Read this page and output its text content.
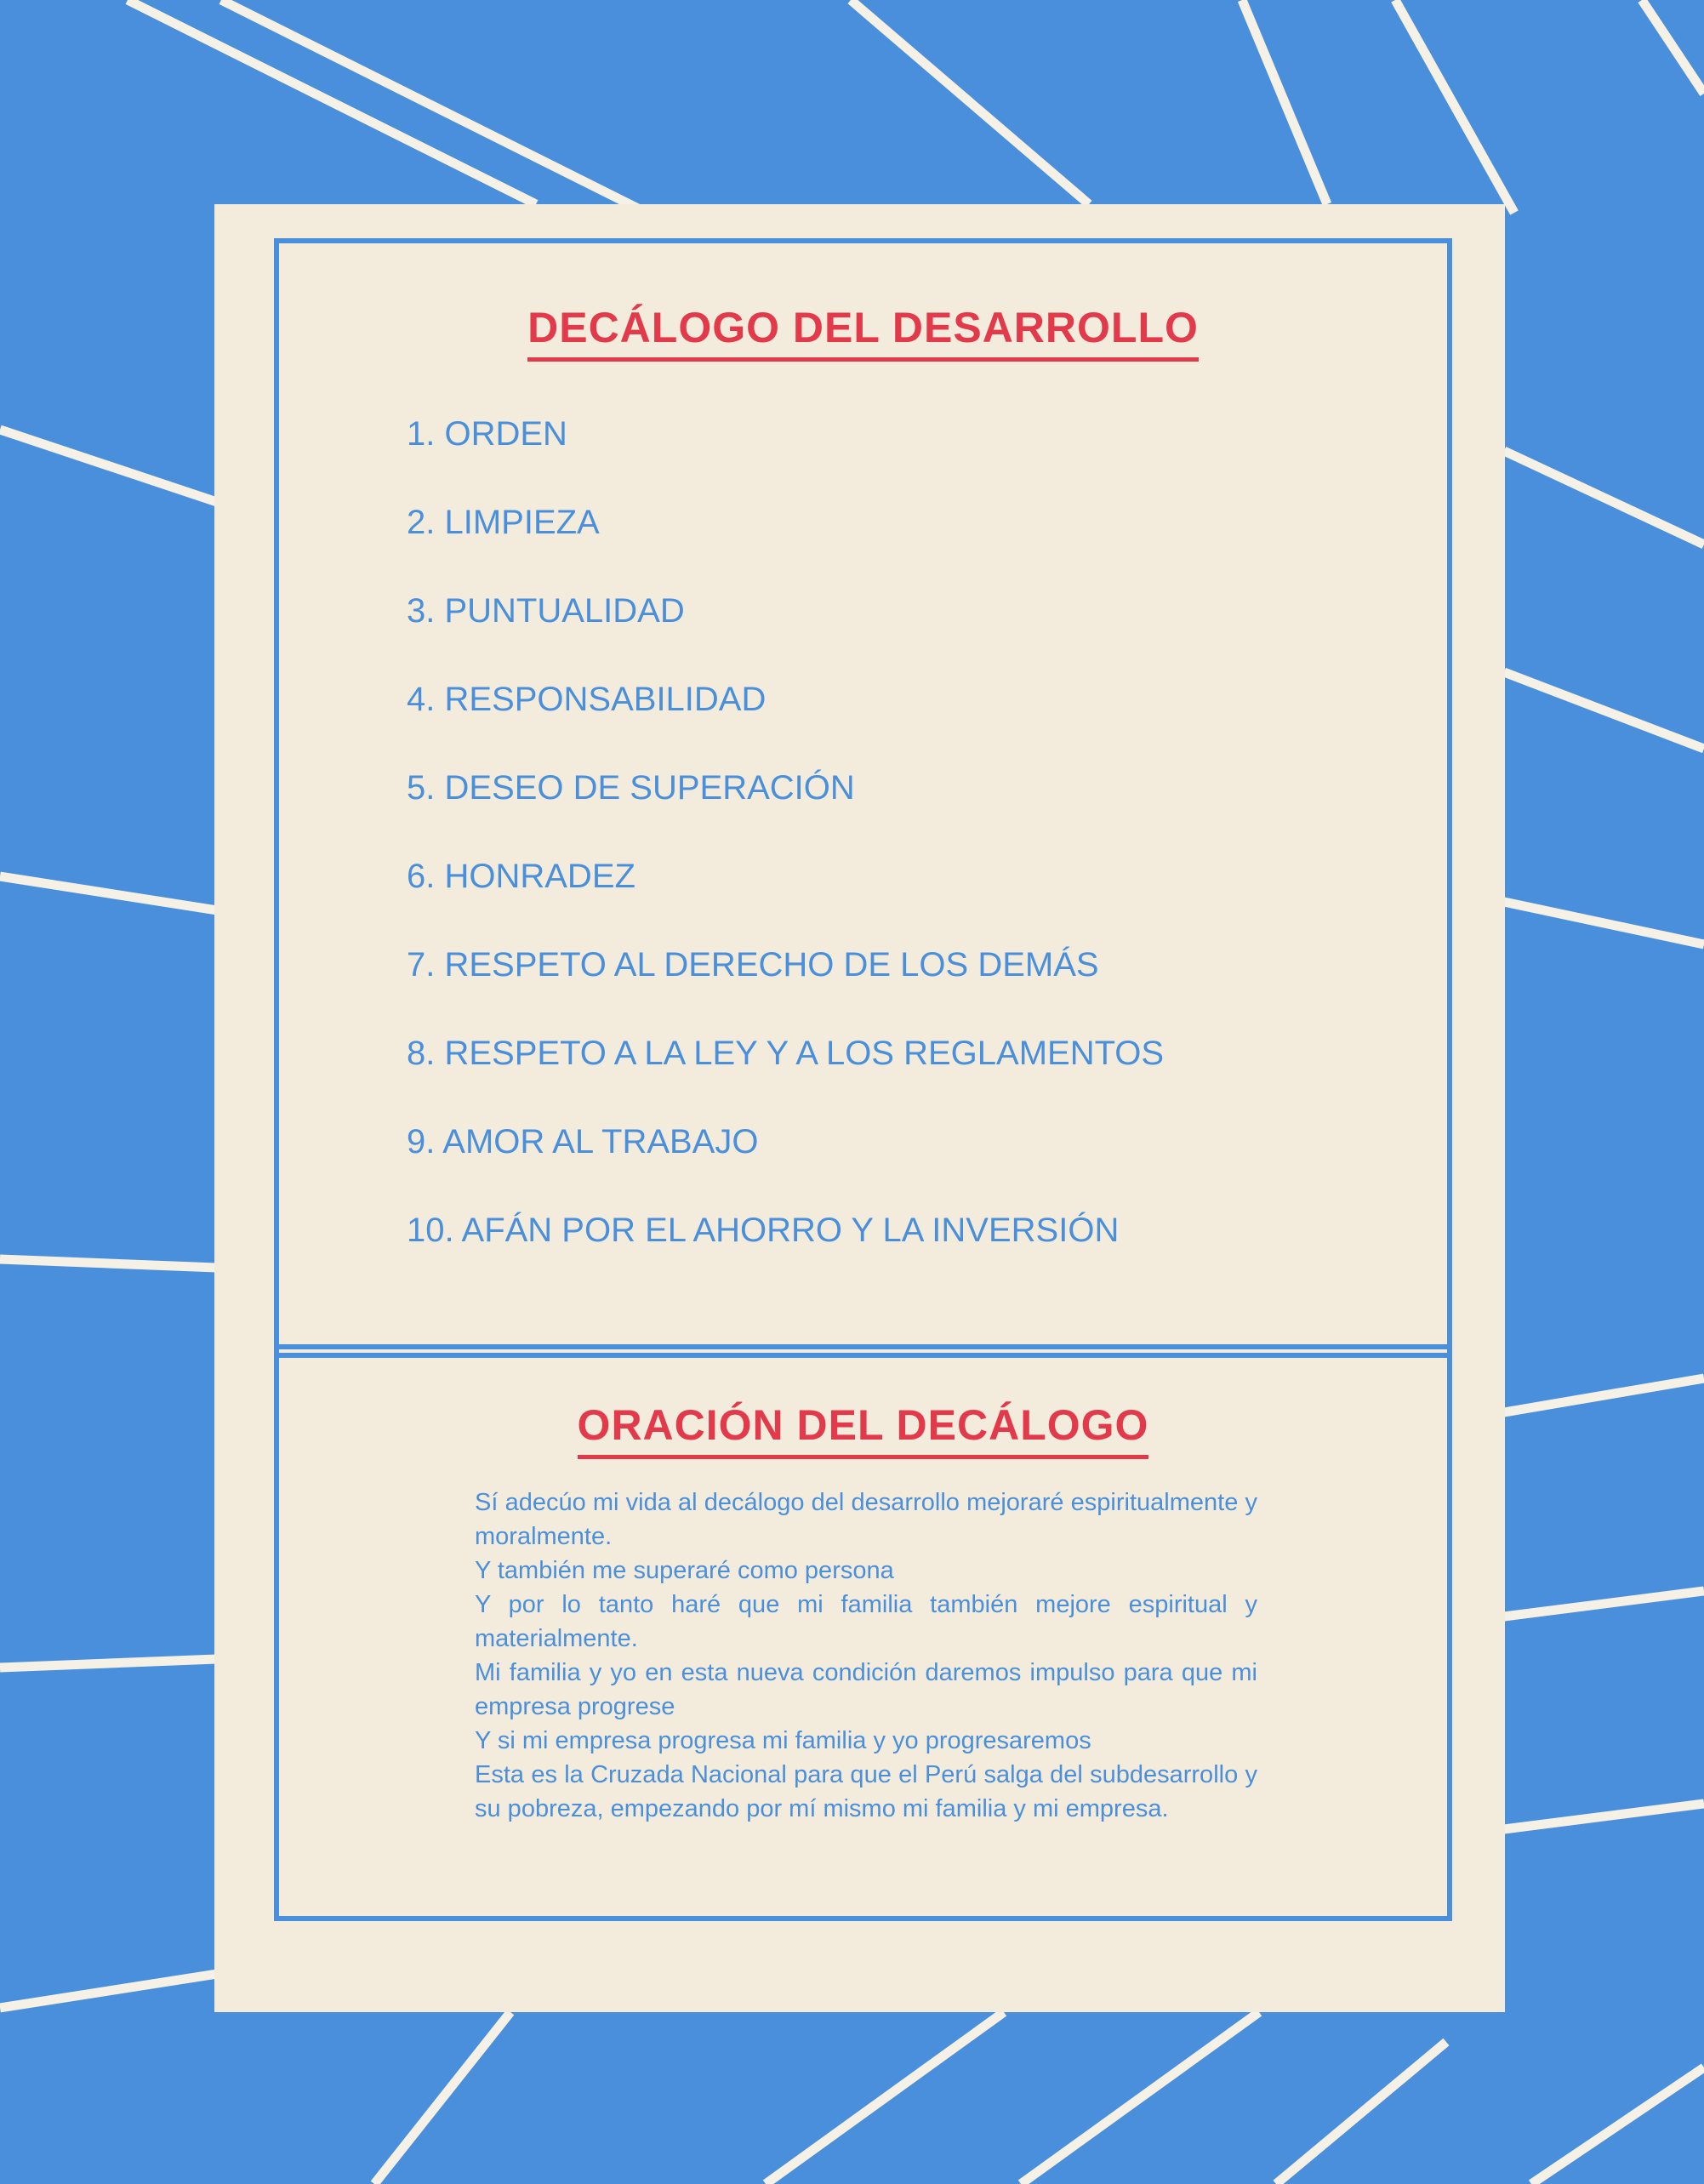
DECÁLOGO DEL DESARROLLO
1. ORDEN
2. LIMPIEZA
3. PUNTUALIDAD
4. RESPONSABILIDAD
5. DESEO DE SUPERACIÓN
6. HONRADEZ
7. RESPETO AL DERECHO DE LOS DEMÁS
8. RESPETO A LA LEY Y A LOS REGLAMENTOS
9. AMOR AL TRABAJO
10. AFÁN POR EL AHORRO Y LA INVERSIÓN
ORACIÓN DEL DECÁLOGO

Sí adecúo mi vida al decálogo del desarrollo mejoraré espiritualmente y moralmente.

Y también me superaré como persona

Y por lo tanto haré que mi familia también mejore espiritual y materialmente.

Mi familia y yo en esta nueva condición daremos impulso para que mi empresa progrese

Y si mi empresa progresa mi familia y yo progresaremos

Esta es la Cruzada Nacional para que el Perú salga del subdesarrollo y su pobreza, empezando por mí mismo mi familia y mi empresa.
